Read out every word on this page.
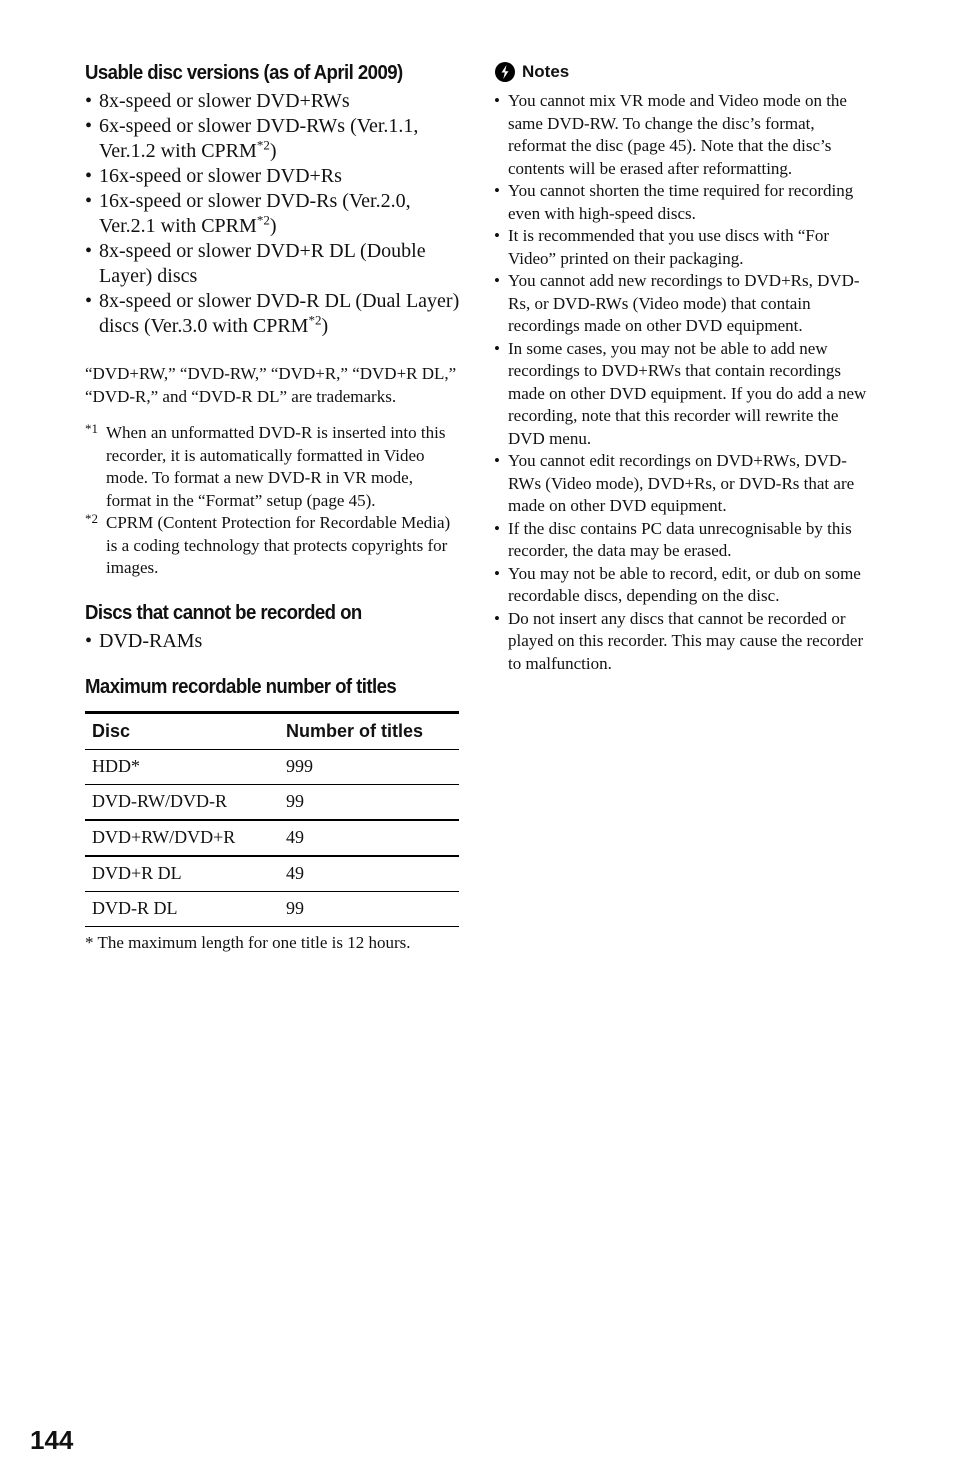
Usable disc versions (as of April 2009)
• 8x-speed or slower DVD+RWs
• 6x-speed or slower DVD-RWs (Ver.1.1, Ver.1.2 with CPRM$^{*2}$)
• 16x-speed or slower DVD+Rs
• 16x-speed or slower DVD-Rs (Ver.2.0, Ver.2.1 with CPRM$^{*2}$)
• 8x-speed or slower DVD+R DL (Double Layer) discs
• 8x-speed or slower DVD-R DL (Dual Layer) discs (Ver.3.0 with CPRM$^{*2}$)

“DVD+RW,” “DVD-RW,” “DVD+R,” “DVD+R DL,” “DVD-R,” and “DVD-R DL” are trademarks.

*1 When an unformatted DVD-R is inserted into this recorder, it is automatically formatted in Video mode. To format a new DVD-R in VR mode, format in the “Format” setup (page 45).
*2 CPRM (Content Protection for Recordable Media) is a coding technology that protects copyrights for images.
Discs that cannot be recorded on
• DVD-RAMs
Maximum recordable number of titles
Disc	Number of titles
HDD*	999
DVD-RW/DVD-R	99
DVD+RW/DVD+R	49
DVD+R DL	49
DVD-R DL	99

* The maximum length for one title is 12 hours.

Notes
• You cannot mix VR mode and Video mode on the same DVD-RW. To change the disc’s format, reformat the disc (page 45). Note that the disc’s contents will be erased after reformatting.
• You cannot shorten the time required for recording even with high-speed discs.
• It is recommended that you use discs with “For Video” printed on their packaging.
• You cannot add new recordings to DVD+Rs, DVD-Rs, or DVD-RWs (Video mode) that contain recordings made on other DVD equipment.
• In some cases, you may not be able to add new recordings to DVD+RWs that contain recordings made on other DVD equipment. If you do add a new recording, note that this recorder will rewrite the DVD menu.
• You cannot edit recordings on DVD+RWs, DVD-RWs (Video mode), DVD+Rs, or DVD-Rs that are made on other DVD equipment.
• If the disc contains PC data unrecognisable by this recorder, the data may be erased.
• You may not be able to record, edit, or dub on some recordable discs, depending on the disc.
• Do not insert any discs that cannot be recorded or played on this recorder. This may cause the recorder to malfunction.
144
